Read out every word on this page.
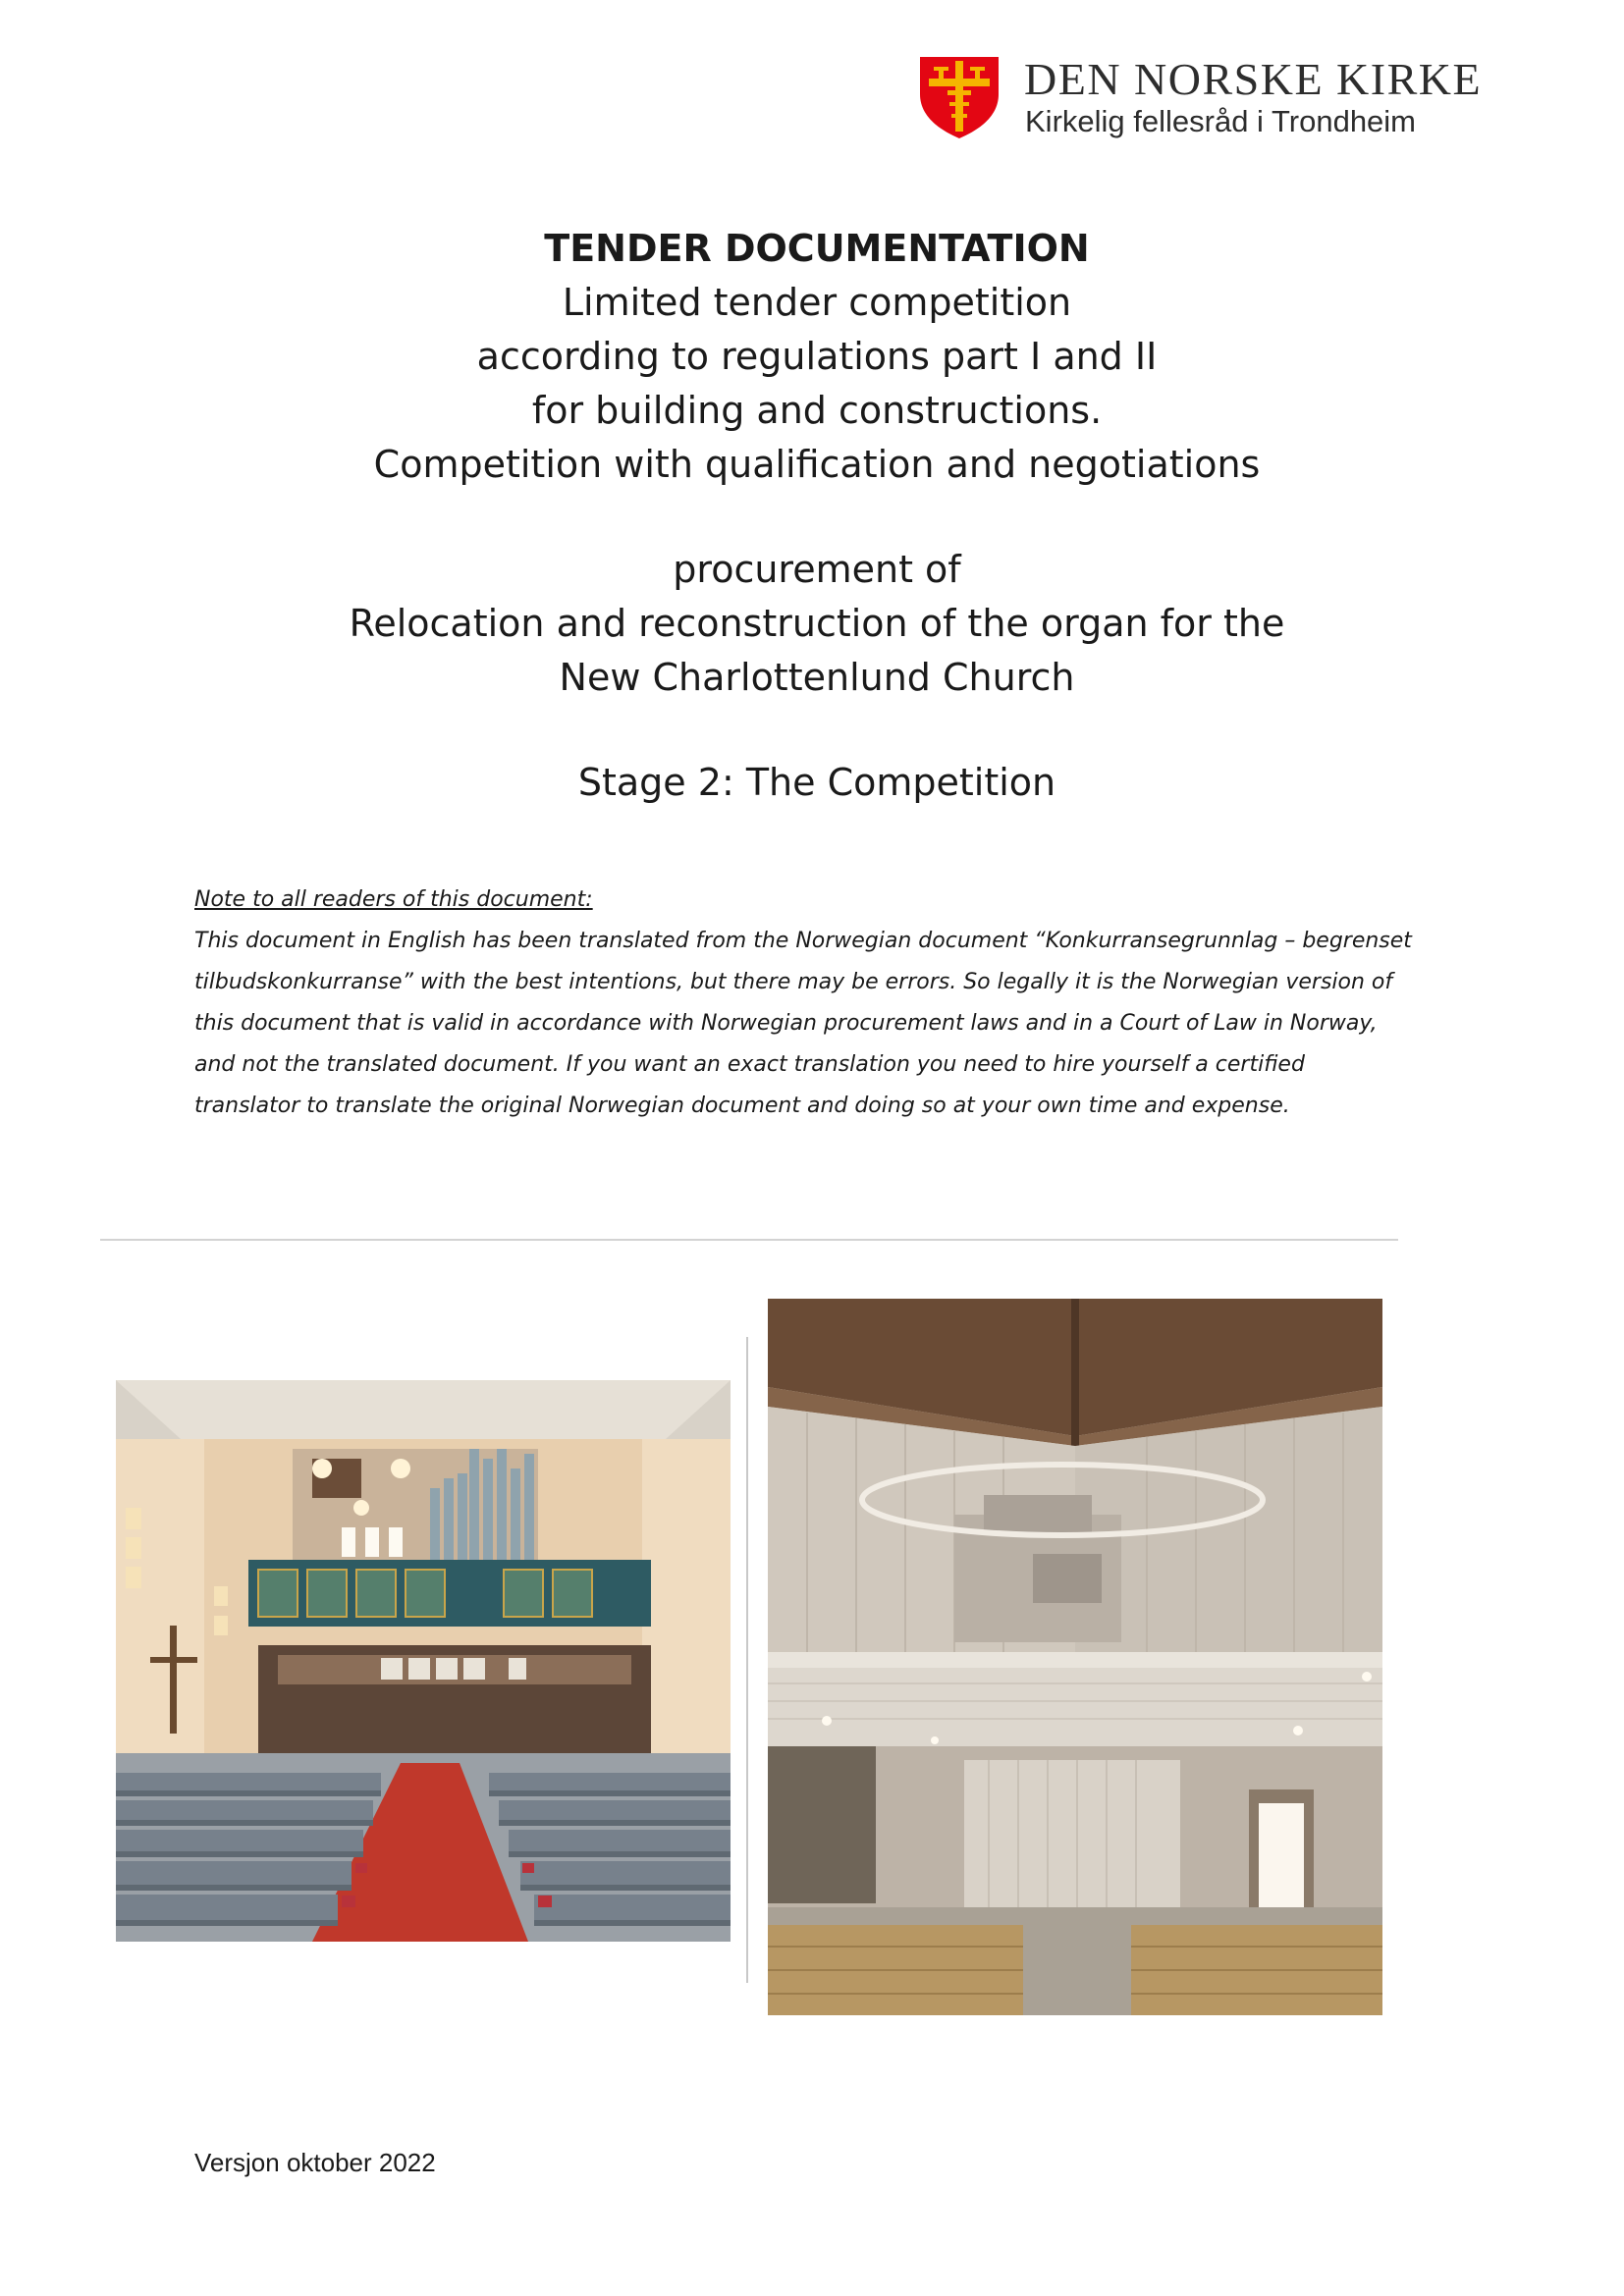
DEN NORSKE KIRKE
Kirkelig fellesråd i Trondheim
TENDER DOCUMENTATION
Limited tender competition
according to regulations part I and II
for building and constructions.
Competition with qualification and negotiations
procurement of
Relocation and reconstruction of the organ for the
New Charlottenlund Church
Stage 2: The Competition
Note to all readers of this document:
This document in English has been translated from the Norwegian document “Konkurransegrunnlag – begrenset
tilbudskonkurranse” with the best intentions, but there may be errors. So legally it is the Norwegian version of
this document that is valid in accordance with Norwegian procurement laws and in a Court of Law in Norway,
and not the translated document. If you want an exact translation you need to hire yourself a certified
translator to translate the original Norwegian document and doing so at your own time and expense.
Versjon oktober 2022
